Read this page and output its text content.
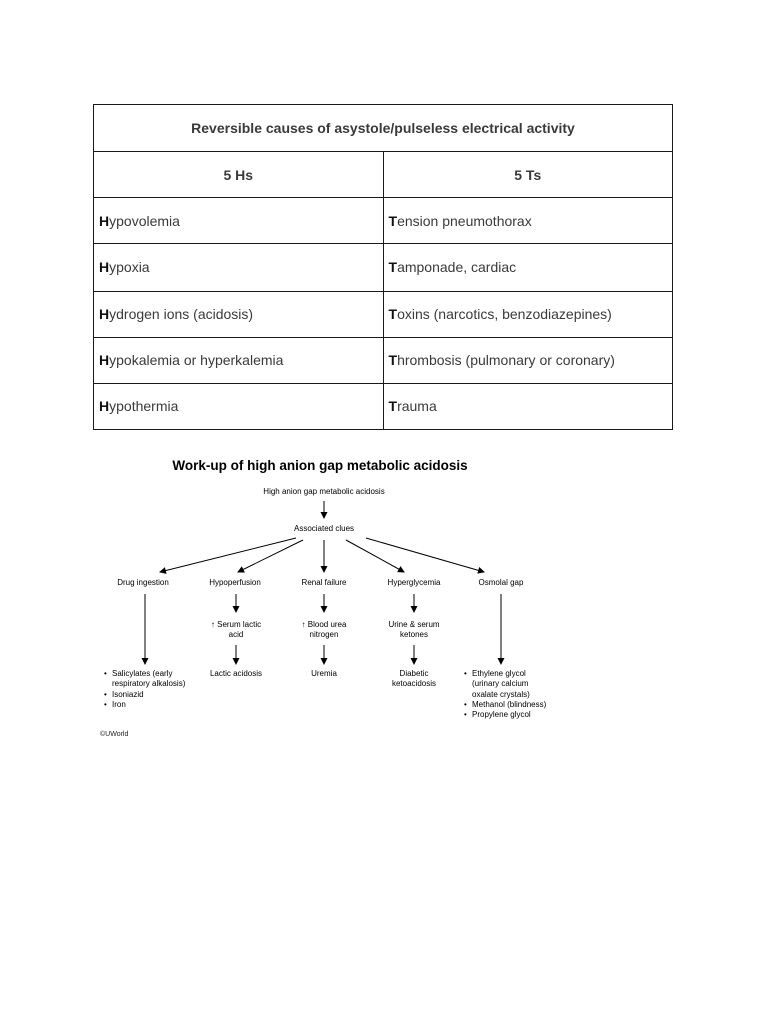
Reversible causes of asystole/pulseless electrical activity	
5 Hs	5 Ts
Hypovolemia	Tension pneumothorax
Hypoxia	Tamponade, cardiac
Hydrogen ions (acidosis)	Toxins (narcotics, benzodiazepines)
Hypokalemia or hyperkalemia	Thrombosis (pulmonary or coronary)
Hypothermia	Trauma
Work-up of high anion gap metabolic acidosis
High anion gap metabolic acidosis
Associated clues
Drug ingestion	Hypoperfusion	Renal failure	Hyperglycemia	Osmolal gap
↑ Serum lactic
acid
↑ Blood urea
nitrogen
Urine & serum
ketones
Lactic acidosis	Uremia	Diabetic
ketoacidosis
• Salicylates (early respiratory alkalosis)
• Isoniazid
• Iron
• Ethylene glycol (urinary calcium oxalate crystals)
• Methanol (blindness)
• Propylene glycol
©UWorld
